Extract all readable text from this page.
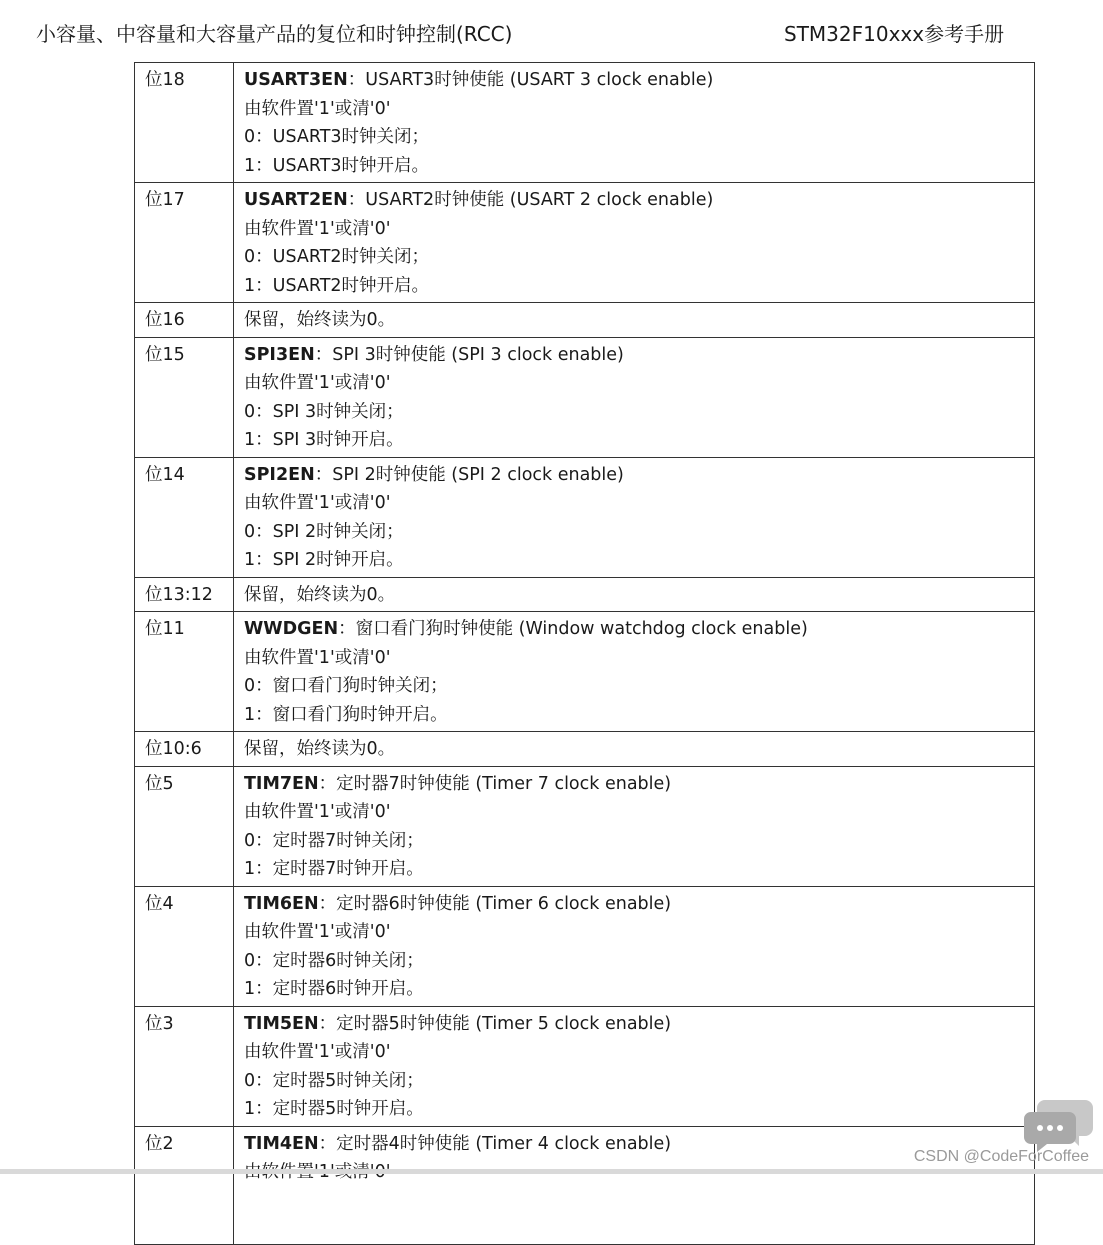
小容量、中容量和大容量产品的复位和时钟控制(RCC)	STM32F10xxx参考手册
位18	USART3EN：USART3时钟使能 (USART 3 clock enable)
由软件置'1'或清'0'
0：USART3时钟关闭；
1：USART3时钟开启。

位17	USART2EN：USART2时钟使能 (USART 2 clock enable)
由软件置'1'或清'0'
0：USART2时钟关闭；
1：USART2时钟开启。

位16	保留，始终读为0。
位15	SPI3EN：SPI 3时钟使能 (SPI 3 clock enable)
由软件置'1'或清'0'
0：SPI 3时钟关闭；
1：SPI 3时钟开启。

位14	SPI2EN：SPI 2时钟使能 (SPI 2 clock enable)
由软件置'1'或清'0'
0：SPI 2时钟关闭；
1：SPI 2时钟开启。

位13:12	保留，始终读为0。
位11	WWDGEN：窗口看门狗时钟使能 (Window watchdog clock enable)
由软件置'1'或清'0'
0：窗口看门狗时钟关闭；
1：窗口看门狗时钟开启。

位10:6	保留，始终读为0。
位5	TIM7EN：定时器7时钟使能 (Timer 7 clock enable)
由软件置'1'或清'0'
0：定时器7时钟关闭；
1：定时器7时钟开启。

位4	TIM6EN：定时器6时钟使能 (Timer 6 clock enable)
由软件置'1'或清'0'
0：定时器6时钟关闭；
1：定时器6时钟开启。

位3	TIM5EN：定时器5时钟使能 (Timer 5 clock enable)
由软件置'1'或清'0'
0：定时器5时钟关闭；
1：定时器5时钟开启。

位2	TIM4EN：定时器4时钟使能 (Timer 4 clock enable)
CSDN @CodeForCoffee
